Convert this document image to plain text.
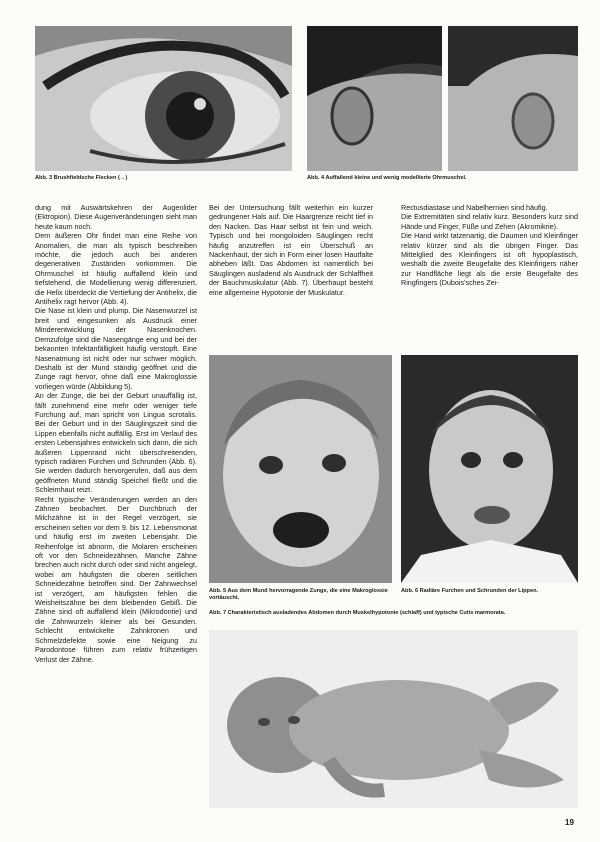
Abb. 3 Brushfieldsche Flecken (→)	Abb. 4 Auffallend kleine und wenig modellierte Ohrmuschel.
dung mit Auswärtskehren der Augenlider (Ektropion). Diese Augenveränderungen sieht man heute kaum noch.
Dem äußeren Ohr findet man eine Reihe von Anomalien, die man als typisch beschreiben möchte, die jedoch auch bei anderen degenerativen Zuständen vorkommen. Die Ohrmuschel ist häufig auffallend klein und tiefstehend, die Modellierung wenig differenziert, die Helix überdeckt die Vertiefung der Antihelix, die Antihelix ragt hervor (Abb. 4).
Die Nase ist klein und plump. Die Nasenwurzel ist breit und eingesunken als Ausdruck einer Minderentwicklung der Nasenknochen. Demzufolge sind die Nasengänge eng und bei der bekannten Infektanfälligkeit häufig verstopft. Eine Nasenatmung ist nicht oder nur schwer möglich. Deshalb ist der Mund ständig geöffnet und die Zunge ragt hervor, ohne daß eine Makroglossie vorliegen würde (Abbildung 5).
An der Zunge, die bei der Geburt unauffällig ist, fällt zunehmend eine mehr oder weniger tiefe Furchung auf, man spricht von Lingua scrotalis. Bei der Geburt und in der Säuglingszeit sind die Lippen ebenfalls nicht auffällig. Erst im Verlauf des ersten Lebensjahres entwickeln sich dann, die sich äußeren Lippenrand nicht überschreitenden, typisch radiären Furchen und Schrunden (Abb. 6). Sie werden dadurch hervorgerufen, daß aus dem geöffneten Mund ständig Speichel fließt und die Schleimhaut reizt.
Recht typische Veränderungen werden an den Zähnen beobachtet. Der Durchbruch der Milchzähne ist in der Regel verzögert, sie erscheinen selten vor dem 9. bis 12. Lebensmonat und häufig erst im zweiten Lebensjahr. Die Reihenfolge ist abnorm, die Molaren erscheinen oft vor den Schneidezähnen. Manche Zähne brechen auch nicht durch oder sind nicht angelegt, wobei am häufigsten die oberen seitlichen Schneidezähne betroffen sind. Der Zahnwechsel ist verzögert, am häufigsten fehlen die Weisheitszähne bei dem bleibenden Gebiß. Die Zähne sind oft auffallend klein (Mikrodontie) und die Zahnwurzeln kleiner als bei Gesunden. Schlecht entwickelte Zahnkronen und Schmelzdefekte sowie eine Neigung zu Parodontose führen zum relativ frühzeitigen Verlust der Zähne.
Bei der Untersuchung fällt weiterhin ein kurzer gedrungener Hals auf. Die Haargrenze reicht tief in den Nacken. Das Haar selbst ist fein und weich. Typisch und bei mongoloiden Säuglingen recht häufig anzutreffen ist ein Überschuß an Nackenhaut, der sich in Form einer losen Hautfalte abheben läßt. Das Abdomen ist namentlich bei Säuglingen ausladend als Ausdruck der Schlaffheit der Bauchmuskulatur (Abb. 7). Überhaupt besteht eine allgemeine Hypotonie der Muskulatur.
Rectusdiastase und Nabelhernien sind häufig.
Die Extremitäten sind relativ kurz. Besonders kurz sind Hände und Finger, Füße und Zehen (Akromikrie).
Die Hand wirkt tatzenartig, die Daumen und Kleinfinger relativ kürzer sind als die übrigen Finger. Das Mittelglied des Kleinfingers ist oft hypoplastisch, weshalb die zweite Beugefalte des Kleinfingers näher zur Handfläche liegt als die erste Beugefalte des Ringfingers (Dubois'sches Zei-
Abb. 5 Aus dem Mund hervorragende Zunge, die eine Makroglossie vortäuscht.
Abb. 6 Radiäre Furchen und Schrunden der Lippen.
Abb. 7 Charakteristisch ausladendes Abdomen durch Muskelhypotonie (schlaff) und typische Cutis marmorata.
19
